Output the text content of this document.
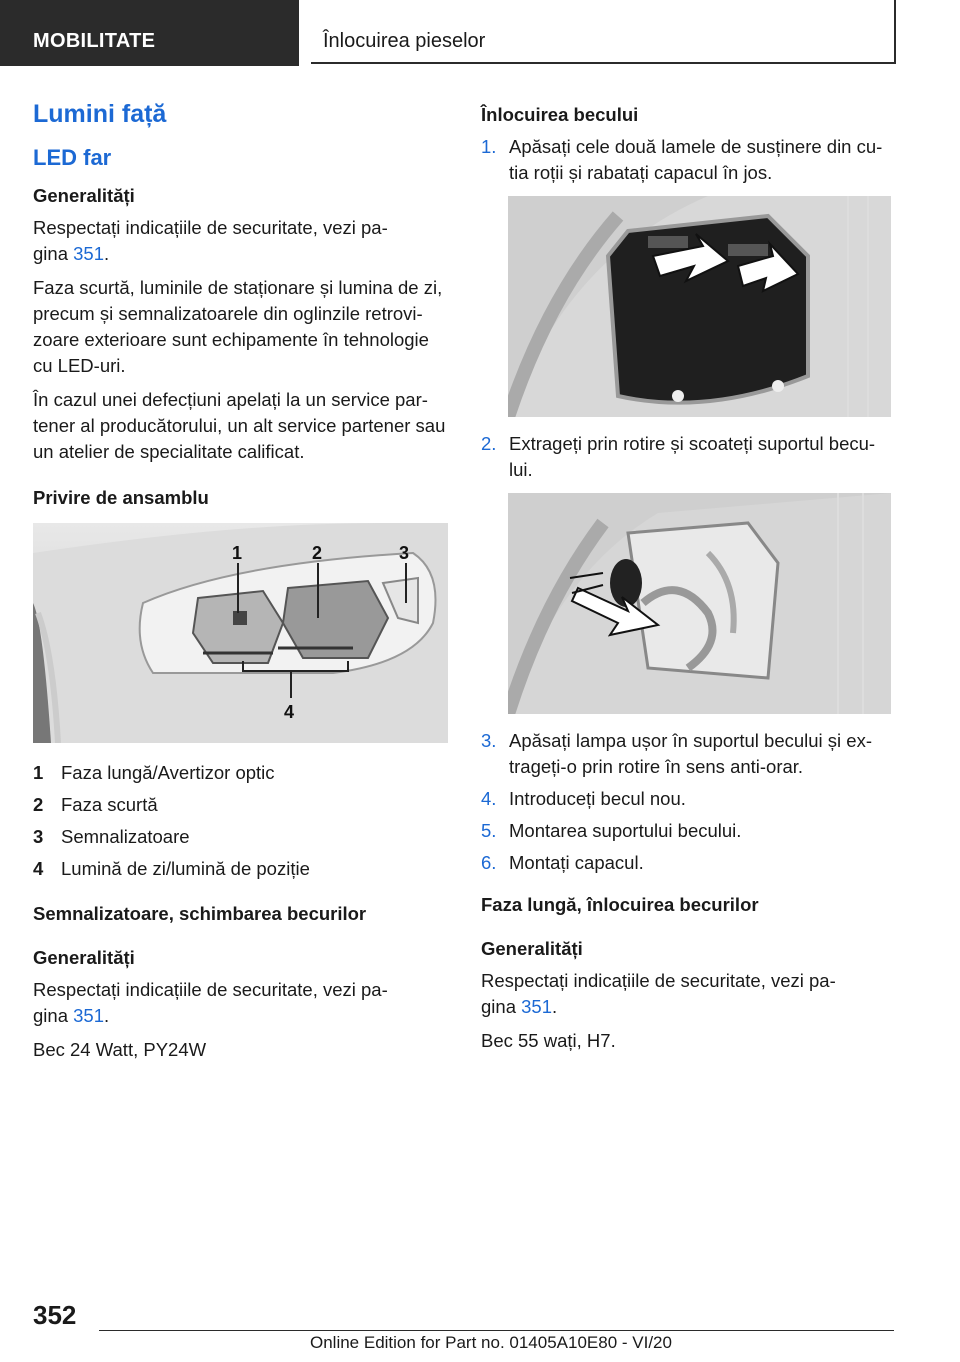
MOBILITATE	Înlocuirea pieselor
Lumini față
LED far
Generalități

Respectați indicațiile de securitate, vezi pa-
gina 351.

Faza scurtă, luminile de staționare și lumina de zi, precum și semnalizatoarele din oglinzile retrovi-zoare exterioare sunt echipamente în tehnologie cu LED-uri.

În cazul unei defecțiuni apelați la un service par-tener al producătorului, un alt service partener sau un atelier de specialitate calificat.

Privire de ansamblu
1	2	3
4
1 Faza lungă/Avertizor optic
2 Faza scurtă
3 Semnalizatoare
4 Lumină de zi/lumină de poziție
Semnalizatoare, schimbarea becurilor
Generalități

Respectați indicațiile de securitate, vezi pa-
gina 351.

Bec 24 Watt, PY24W

Înlocuirea becului
1. Apăsați cele două lamele de susținere din cu-tia roții și rabatați capacul în jos.
2. Extrageți prin rotire și scoateți suportul becu-lui.
3. Apăsați lampa ușor în suportul becului și ex-trageți-o prin rotire în sens anti-orar.
4. Introduceți becul nou.
5. Montarea suportului becului.
6. Montați capacul.
Faza lungă, înlocuirea becurilor
Generalități

Respectați indicațiile de securitate, vezi pa-
gina 351.

Bec 55 wați, H7.

352
Online Edition for Part no. 01405A10E80 - VI/20
